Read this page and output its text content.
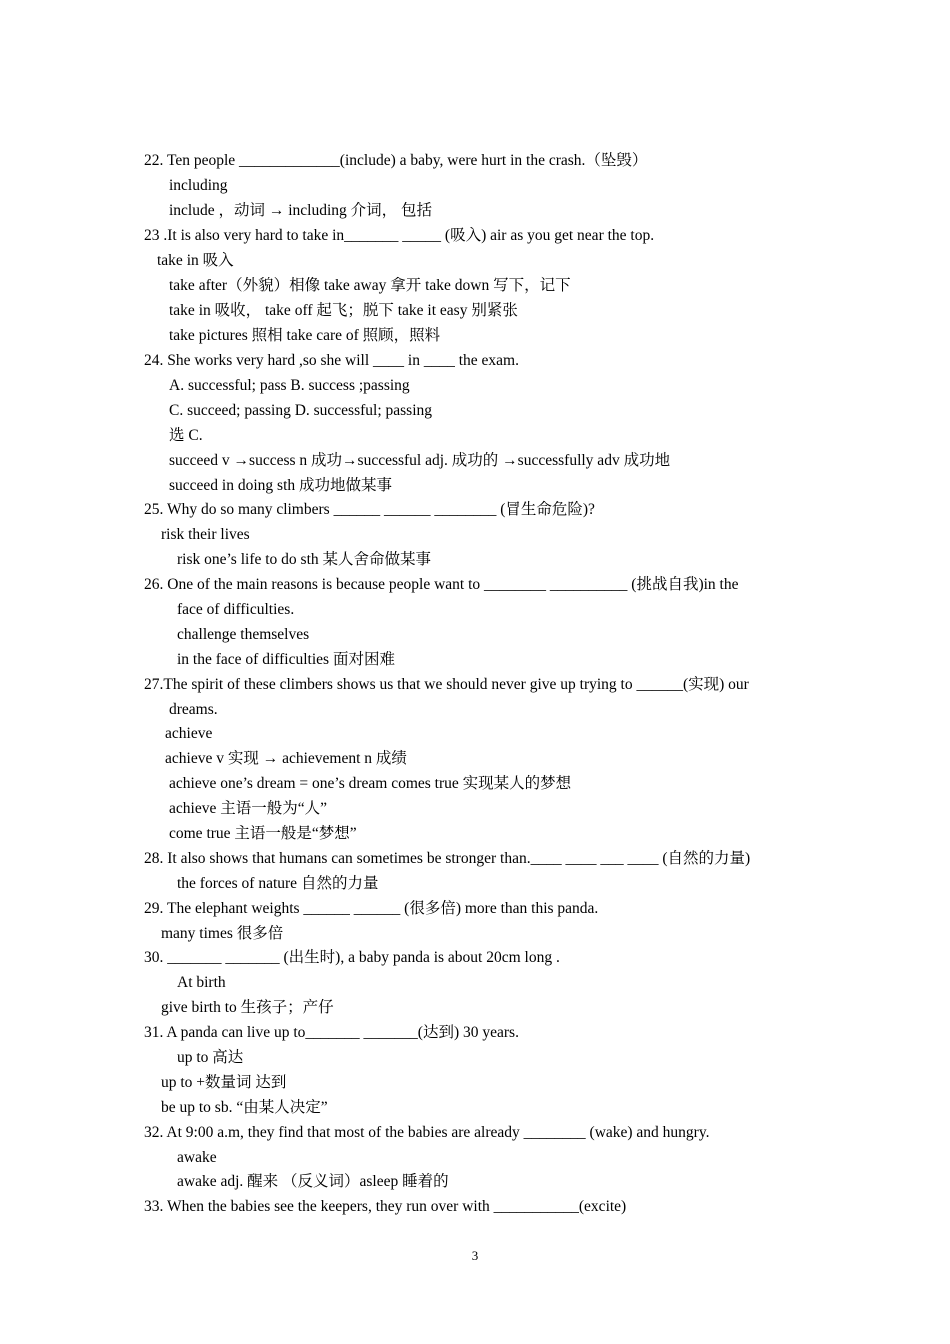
22. Ten people _____________(include) a baby, were hurt in the crash.（坠毁）
including
include ，动词 → including 介词， 包括
23 .It is also very hard to take in_______ _____ (吸入) air as you get near the top.
take in 吸入
take after（外貌）相像 take away 拿开 take down 写下，记下
take in 吸收， take off 起飞；脱下 take it easy 别紧张
take pictures 照相 take care of 照顾，照料
24. She works very hard ,so she will ____ in ____ the exam.
A. successful; pass B. success ;passing
C. succeed; passing D. successful; passing
选 C.
succeed v →success n 成功→successful adj. 成功的 →successfully adv 成功地
succeed in doing sth 成功地做某事
25. Why do so many climbers ______ ______ ________ (冒生命危险)?
risk their lives
risk one’s life to do sth 某人舍命做某事
26. One of the main reasons is because people want to ________ __________ (挑战自我)in the
face of difficulties.
challenge themselves
in the face of difficulties 面对困难
27.The spirit of these climbers shows us that we should never give up trying to ______(实现) our
dreams.
achieve
achieve v 实现 → achievement n 成绩
achieve one’s dream = one’s dream comes true 实现某人的梦想
achieve 主语一般为“人”
come true 主语一般是“梦想”
28. It also shows that humans can sometimes be stronger than.____ ____ ___ ____ (自然的力量)
the forces of nature 自然的力量
29. The elephant weights ______ ______ (很多倍) more than this panda.
many times 很多倍
30. _______ _______ (出生时), a baby panda is about 20cm long .
At birth
give birth to 生孩子；产仔
31. A panda can live up to_______ _______(达到) 30 years.
up to 高达
up to +数量词 达到
be up to sb. “由某人决定”
32. At 9:00 a.m, they find that most of the babies are already ________ (wake) and hungry.
awake
awake adj. 醒来 （反义词）asleep 睡着的
33. When the babies see the keepers, they run over with ___________(excite)
3
